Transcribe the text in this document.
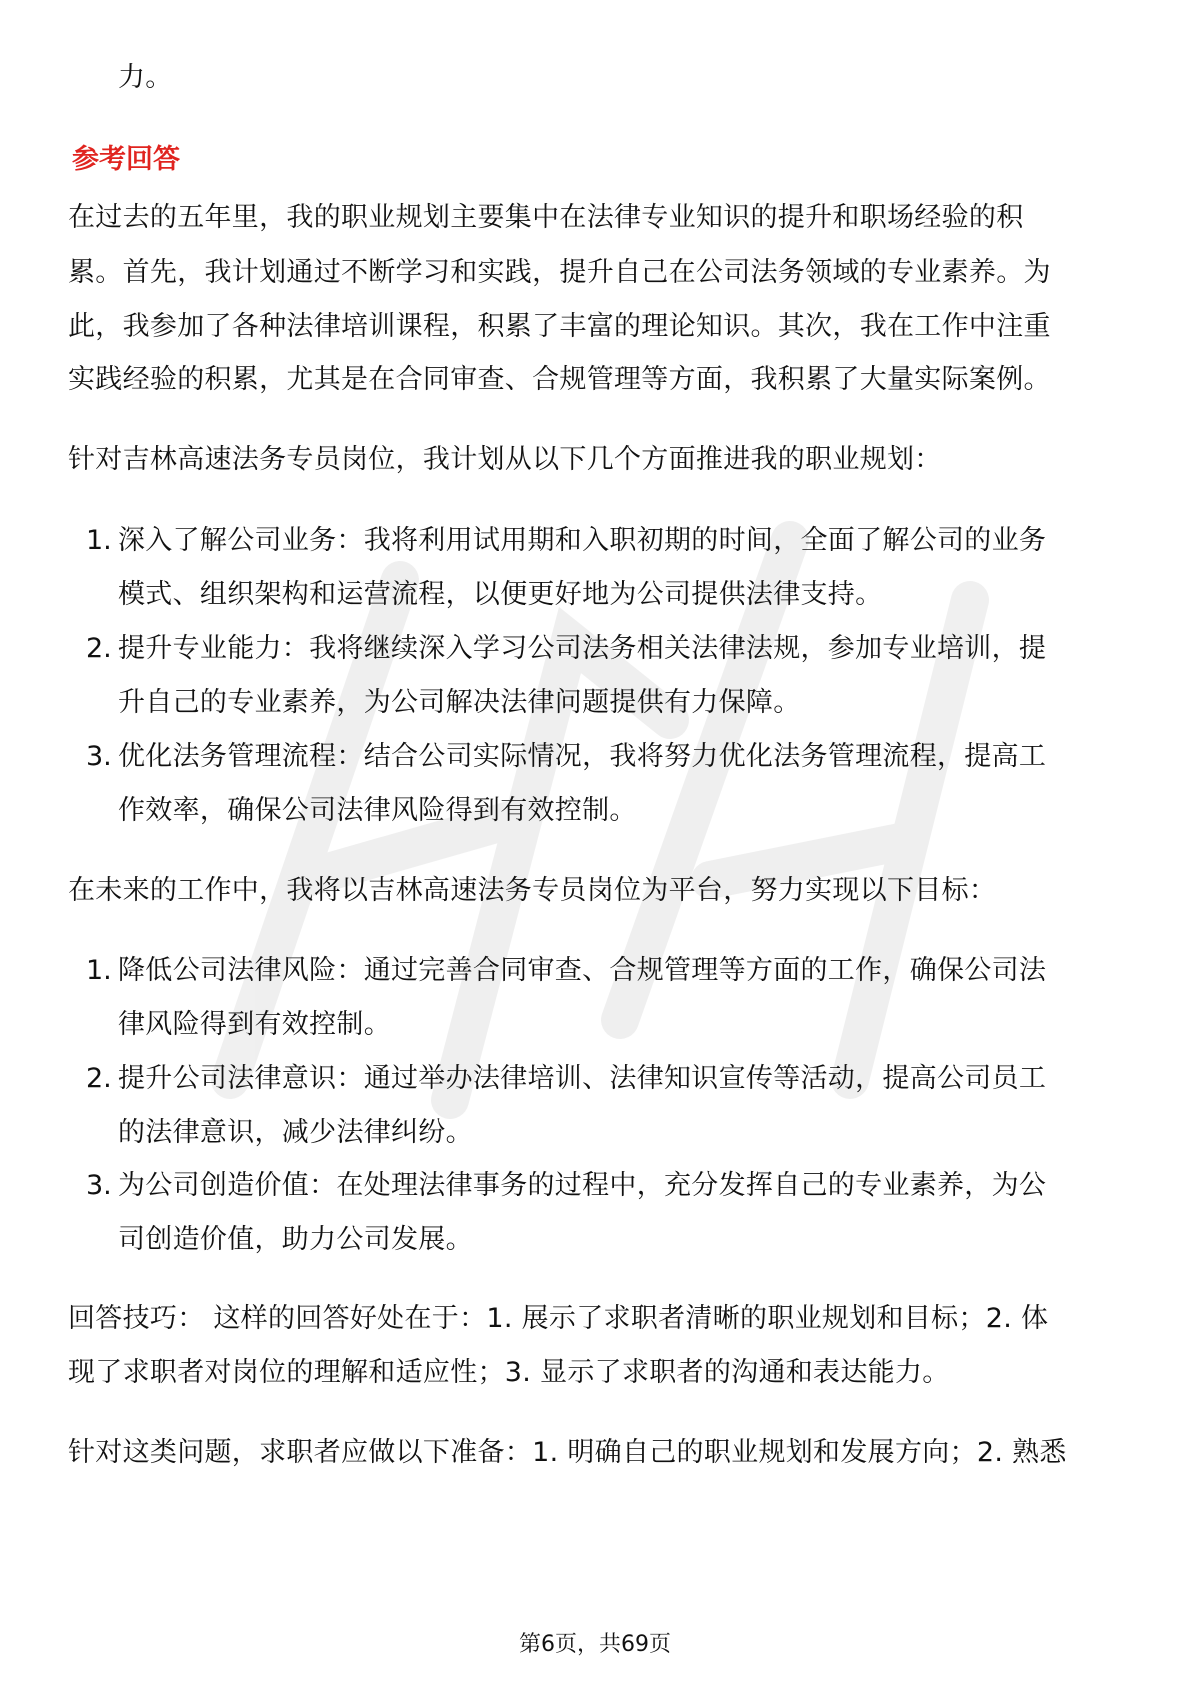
力。
参考回答
在过去的五年里，我的职业规划主要集中在法律专业知识的提升和职场经验的积
累。首先，我计划通过不断学习和实践，提升自己在公司法务领域的专业素养。为
此，我参加了各种法律培训课程，积累了丰富的理论知识。其次，我在工作中注重
实践经验的积累，尤其是在合同审查、合规管理等方面，我积累了大量实际案例。
针对吉林高速法务专员岗位，我计划从以下几个方面推进我的职业规划：
1. 深入了解公司业务：我将利用试用期和入职初期的时间，全面了解公司的业务
模式、组织架构和运营流程，以便更好地为公司提供法律支持。
2. 提升专业能力：我将继续深入学习公司法务相关法律法规，参加专业培训，提
升自己的专业素养，为公司解决法律问题提供有力保障。
3. 优化法务管理流程：结合公司实际情况，我将努力优化法务管理流程，提高工
作效率，确保公司法律风险得到有效控制。
在未来的工作中，我将以吉林高速法务专员岗位为平台，努力实现以下目标：
1. 降低公司法律风险：通过完善合同审查、合规管理等方面的工作，确保公司法
律风险得到有效控制。
2. 提升公司法律意识：通过举办法律培训、法律知识宣传等活动，提高公司员工
的法律意识，减少法律纠纷。
3. 为公司创造价值：在处理法律事务的过程中，充分发挥自己的专业素养，为公
司创造价值，助力公司发展。
回答技巧： 这样的回答好处在于：1. 展示了求职者清晰的职业规划和目标；2. 体
现了求职者对岗位的理解和适应性；3. 显示了求职者的沟通和表达能力。
针对这类问题，求职者应做以下准备：1. 明确自己的职业规划和发展方向；2. 熟悉
第6页，共69页
